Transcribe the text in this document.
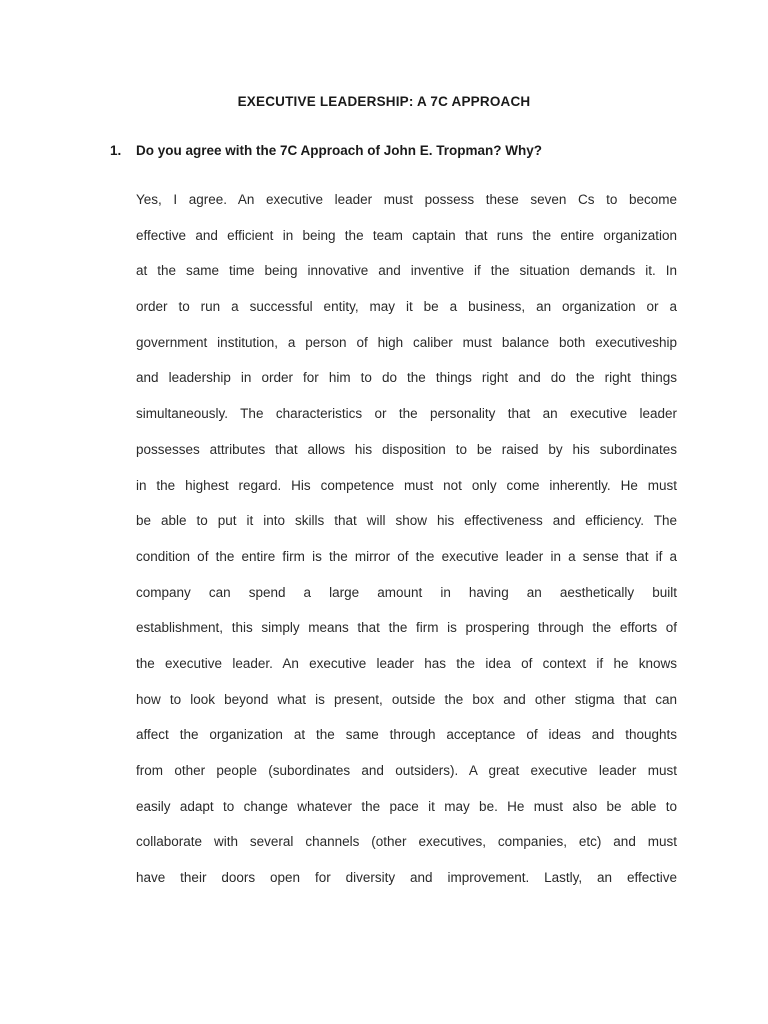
EXECUTIVE LEADERSHIP: A 7C APPROACH
1. Do you agree with the 7C Approach of John E. Tropman? Why?
Yes, I agree. An executive leader must possess these seven Cs to become
effective and efficient in being the team captain that runs the entire organization
at the same time being innovative and inventive if the situation demands it. In
order to run a successful entity, may it be a business, an organization or a
government institution, a person of high caliber must balance both executiveship
and leadership in order for him to do the things right and do the right things
simultaneously. The characteristics or the personality that an executive leader
possesses attributes that allows his disposition to be raised by his subordinates
in the highest regard. His competence must not only come inherently. He must
be able to put it into skills that will show his effectiveness and efficiency. The
condition of the entire firm is the mirror of the executive leader in a sense that if a
company can spend a large amount in having an aesthetically built
establishment, this simply means that the firm is prospering through the efforts of
the executive leader. An executive leader has the idea of context if he knows
how to look beyond what is present, outside the box and other stigma that can
affect the organization at the same through acceptance of ideas and thoughts
from other people (subordinates and outsiders). A great executive leader must
easily adapt to change whatever the pace it may be. He must also be able to
collaborate with several channels (other executives, companies, etc) and must
have their doors open for diversity and improvement. Lastly, an effective
